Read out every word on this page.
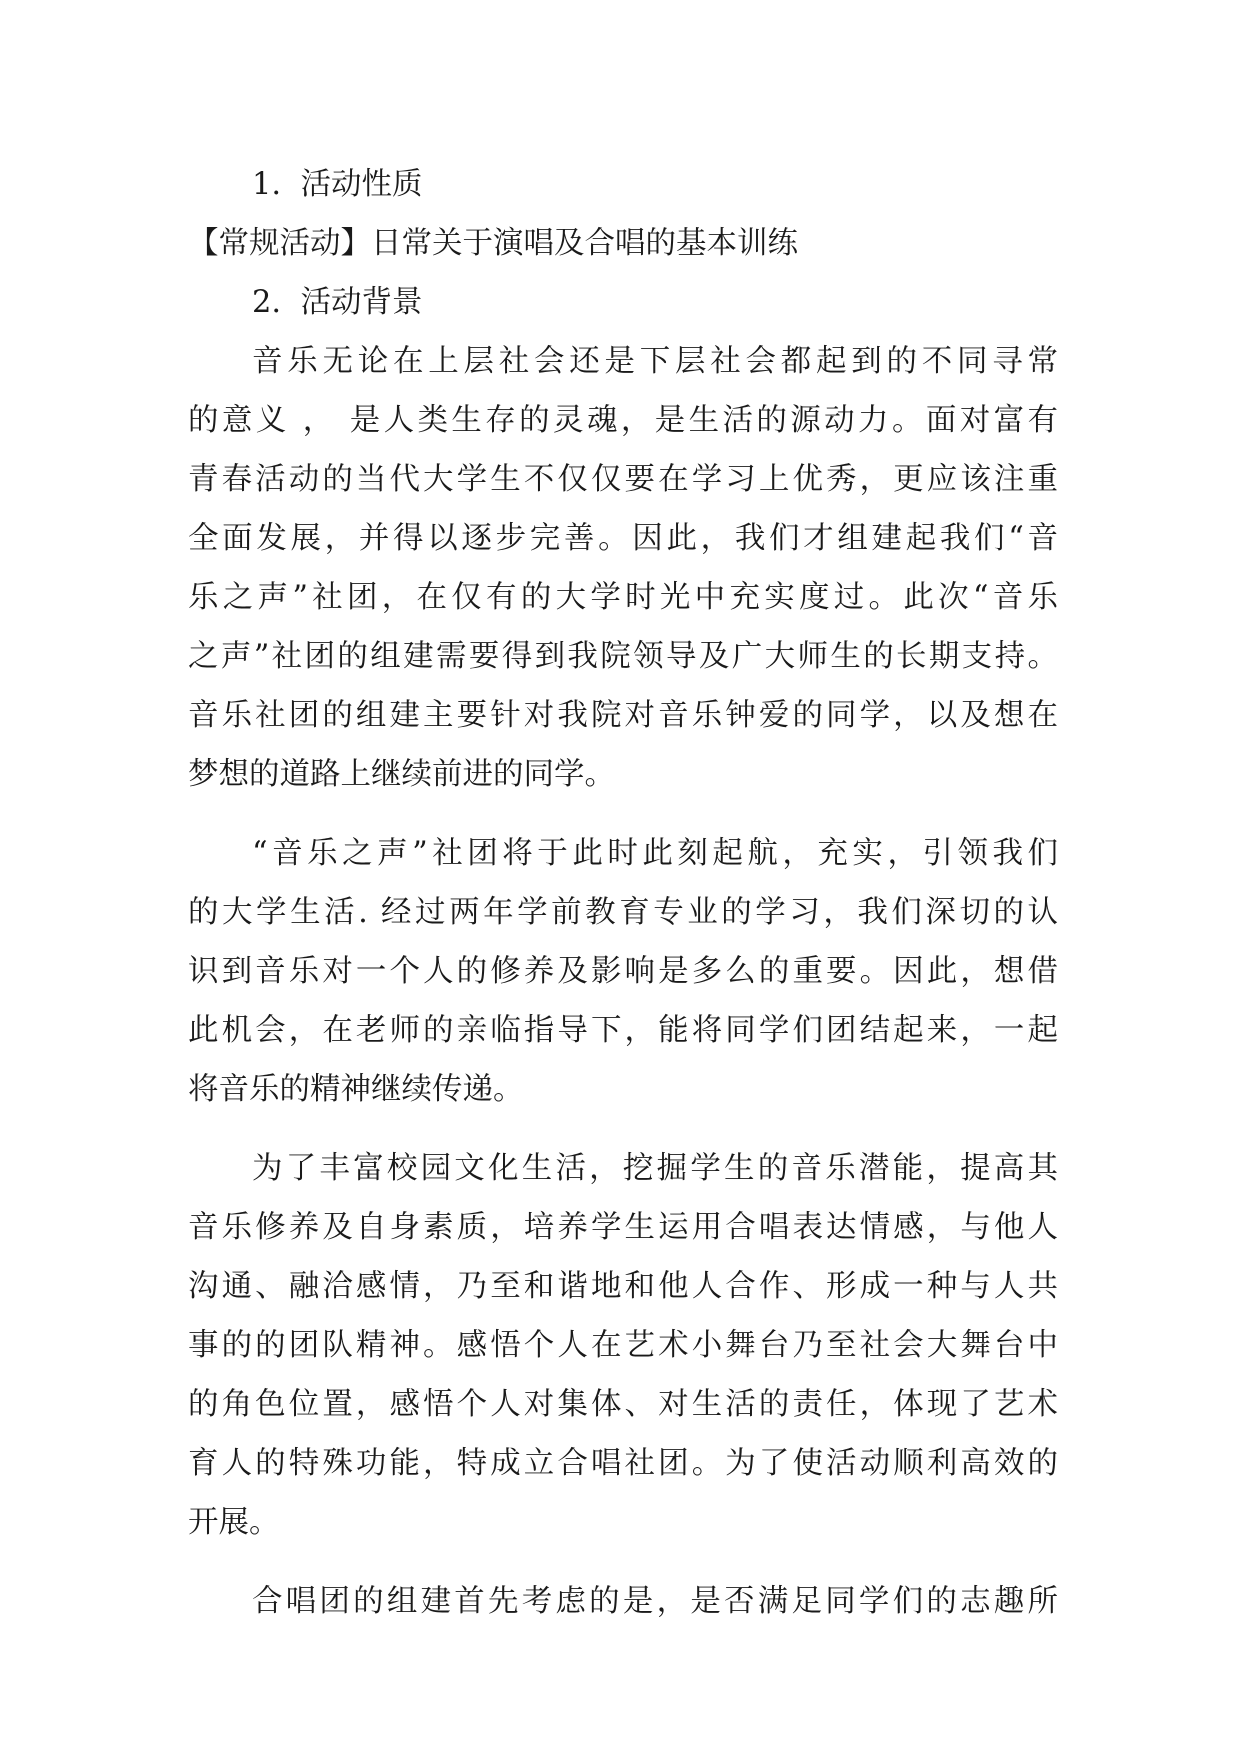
1. 活动性质
【常规活动】日常关于演唱及合唱的基本训练
2. 活动背景
音乐无论在上层社会还是下层社会都起到的不同寻常
的意义 ， 是人类生存的灵魂，是生活的源动力。面对富有
青春活动的当代大学生不仅仅要在学习上优秀，更应该注重
全面发展，并得以逐步完善。因此，我们才组建起我们“音
乐之声”社团，在仅有的大学时光中充实度过。此次“音乐
之声”社团的组建需要得到我院领导及广大师生的长期支持。
音乐社团的组建主要针对我院对音乐钟爱的同学，以及想在
梦想的道路上继续前进的同学。
“音乐之声”社团将于此时此刻起航，充实，引领我们
的大学生活. 经过两年学前教育专业的学习，我们深切的认
识到音乐对一个人的修养及影响是多么的重要。因此，想借
此机会，在老师的亲临指导下，能将同学们团结起来，一起
将音乐的精神继续传递。
为了丰富校园文化生活，挖掘学生的音乐潜能，提高其
音乐修养及自身素质，培养学生运用合唱表达情感，与他人
沟通、融洽感情，乃至和谐地和他人合作、形成一种与人共
事的的团队精神。感悟个人在艺术小舞台乃至社会大舞台中
的角色位置，感悟个人对集体、对生活的责任，体现了艺术
育人的特殊功能，特成立合唱社团。为了使活动顺利高效的
开展。
合唱团的组建首先考虑的是，是否满足同学们的志趣所
